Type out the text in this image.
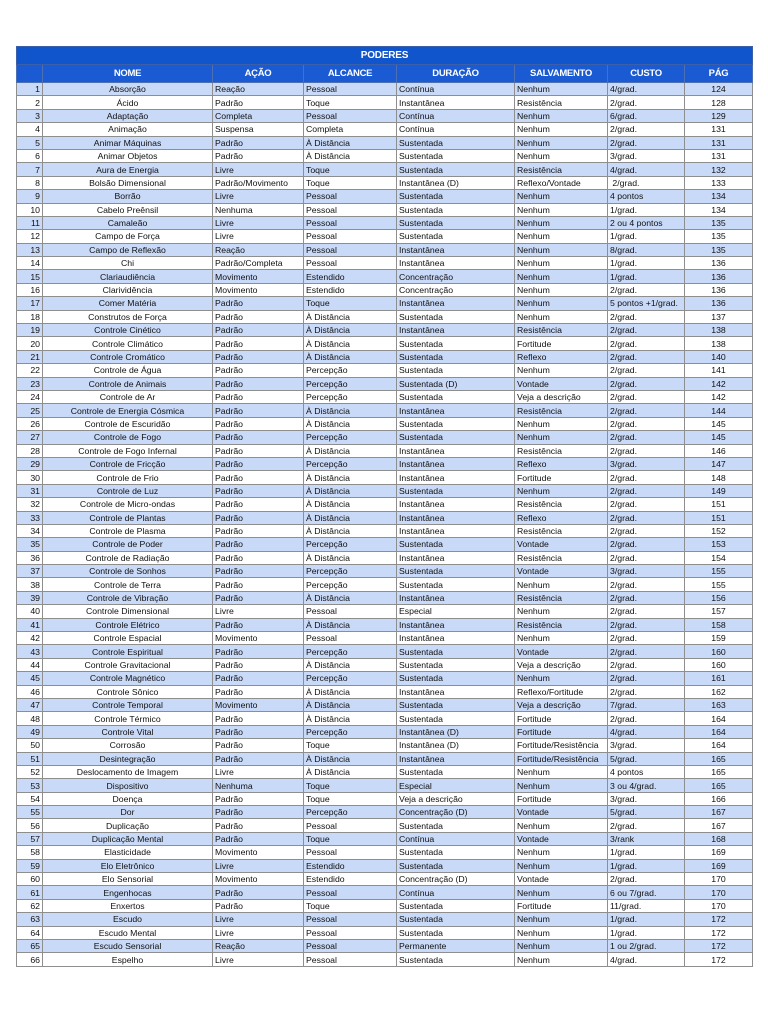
PODERES							
	NOME	AÇÃO	ALCANCE	DURAÇÃO	SALVAMENTO	CUSTO	PÁG
1	Absorção	Reação	Pessoal	Contínua	Nenhum	4/grad.	124
2	Ácido	Padrão	Toque	Instantânea	Resistência	2/grad.	128
3	Adaptação	Completa	Pessoal	Contínua	Nenhum	6/grad.	129
4	Animação	Suspensa	Completa	Contínua	Nenhum	2/grad.	131
5	Animar Máquinas	Padrão	À Distância	Sustentada	Nenhum	2/grad.	131
6	Animar Objetos	Padrão	À Distância	Sustentada	Nenhum	3/grad.	131
7	Aura de Energia	Livre	Toque	Sustentada	Resistência	4/grad.	132
8	Bolsão Dimensional	Padrão/Movimento	Toque	Instantânea (D)	Reflexo/Vontade	2/grad.	133
9	Borrão	Livre	Pessoal	Sustentada	Nenhum	4 pontos	134
10	Cabelo Preênsil	Nenhuma	Pessoal	Sustentada	Nenhum	1/grad.	134
11	Camaleão	Livre	Pessoal	Sustentada	Nenhum	2 ou 4 pontos	135
12	Campo de Força	Livre	Pessoal	Sustentada	Nenhum	1/grad.	135
13	Campo de Reflexão	Reação	Pessoal	Instantânea	Nenhum	8/grad.	135
14	Chi	Padrão/Completa	Pessoal	Instantânea	Nenhum	1/grad.	136
15	Clariaudiência	Movimento	Estendido	Concentração	Nenhum	1/grad.	136
16	Clarividência	Movimento	Estendido	Concentração	Nenhum	2/grad.	136
17	Comer Matéria	Padrão	Toque	Instantânea	Nenhum	5 pontos +1/grad.	136
18	Construtos de Força	Padrão	À Distância	Sustentada	Nenhum	2/grad.	137
19	Controle Cinético	Padrão	À Distância	Instantânea	Resistência	2/grad.	138
20	Controle Climático	Padrão	À Distância	Sustentada	Fortitude	2/grad.	138
21	Controle Cromático	Padrão	À Distância	Sustentada	Reflexo	2/grad.	140
22	Controle de Água	Padrão	Percepção	Sustentada	Nenhum	2/grad.	141
23	Controle de Animais	Padrão	Percepção	Sustentada (D)	Vontade	2/grad.	142
24	Controle de Ar	Padrão	Percepção	Sustentada	Veja a descrição	2/grad.	142
25	Controle de Energia Cósmica	Padrão	À Distância	Instantânea	Resistência	2/grad.	144
26	Controle de Escuridão	Padrão	À Distância	Sustentada	Nenhum	2/grad.	145
27	Controle de Fogo	Padrão	Percepção	Sustentada	Nenhum	2/grad.	145
28	Controle de Fogo Infernal	Padrão	À Distância	Instantânea	Resistência	2/grad.	146
29	Controle de Fricção	Padrão	Percepção	Instantânea	Reflexo	3/grad.	147
30	Controle de Frio	Padrão	À Distância	Instantânea	Fortitude	2/grad.	148
31	Controle de Luz	Padrão	À Distância	Sustentada	Nenhum	2/grad.	149
32	Controle de Micro-ondas	Padrão	À Distância	Instantânea	Resistência	2/grad.	151
33	Controle de Plantas	Padrão	À Distância	Instantânea	Reflexo	2/grad.	151
34	Controle de Plasma	Padrão	À Distância	Instantânea	Resistência	2/grad.	152
35	Controle de Poder	Padrão	Percepção	Sustentada	Vontade	2/grad.	153
36	Controle de Radiação	Padrão	À Distância	Instantânea	Resistência	2/grad.	154
37	Controle de Sonhos	Padrão	Percepção	Sustentada	Vontade	3/grad.	155
38	Controle de Terra	Padrão	Percepção	Sustentada	Nenhum	2/grad.	155
39	Controle de Vibração	Padrão	À Distância	Instantânea	Resistência	2/grad.	156
40	Controle Dimensional	Livre	Pessoal	Especial	Nenhum	2/grad.	157
41	Controle Elétrico	Padrão	À Distância	Instantânea	Resistência	2/grad.	158
42	Controle Espacial	Movimento	Pessoal	Instantânea	Nenhum	2/grad.	159
43	Controle Espiritual	Padrão	Percepção	Sustentada	Vontade	2/grad.	160
44	Controle Gravitacional	Padrão	À Distância	Sustentada	Veja a descrição	2/grad.	160
45	Controle Magnético	Padrão	Percepção	Sustentada	Nenhum	2/grad.	161
46	Controle Sônico	Padrão	À Distância	Instantânea	Reflexo/Fortitude	2/grad.	162
47	Controle Temporal	Movimento	À Distância	Sustentada	Veja a descrição	7/grad.	163
48	Controle Térmico	Padrão	À Distância	Sustentada	Fortitude	2/grad.	164
49	Controle Vital	Padrão	Percepção	Instantânea (D)	Fortitude	4/grad.	164
50	Corrosão	Padrão	Toque	Instantânea (D)	Fortitude/Resistência	3/grad.	164
51	Desintegração	Padrão	À Distância	Instantânea	Fortitude/Resistência	5/grad.	165
52	Deslocamento de Imagem	Livre	À Distância	Sustentada	Nenhum	4 pontos	165
53	Dispositivo	Nenhuma	Toque	Especial	Nenhum	3 ou 4/grad.	165
54	Doença	Padrão	Toque	Veja a descrição	Fortitude	3/grad.	166
55	Dor	Padrão	Percepção	Concentração (D)	Vontade	5/grad.	167
56	Duplicação	Padrão	Pessoal	Sustentada	Nenhum	2/grad.	167
57	Duplicação Mental	Padrão	Toque	Contínua	Vontade	3/rank	168
58	Elasticidade	Movimento	Pessoal	Sustentada	Nenhum	1/grad.	169
59	Elo Eletrônico	Livre	Estendido	Sustentada	Nenhum	1/grad.	169
60	Elo Sensorial	Movimento	Estendido	Concentração (D)	Vontade	2/grad.	170
61	Engenhocas	Padrão	Pessoal	Contínua	Nenhum	6 ou 7/grad.	170
62	Enxertos	Padrão	Toque	Sustentada	Fortitude	11/grad.	170
63	Escudo	Livre	Pessoal	Sustentada	Nenhum	1/grad.	172
64	Escudo Mental	Livre	Pessoal	Sustentada	Nenhum	1/grad.	172
65	Escudo Sensorial	Reação	Pessoal	Permanente	Nenhum	1 ou 2/grad.	172
66	Espelho	Livre	Pessoal	Sustentada	Nenhum	4/grad.	172
